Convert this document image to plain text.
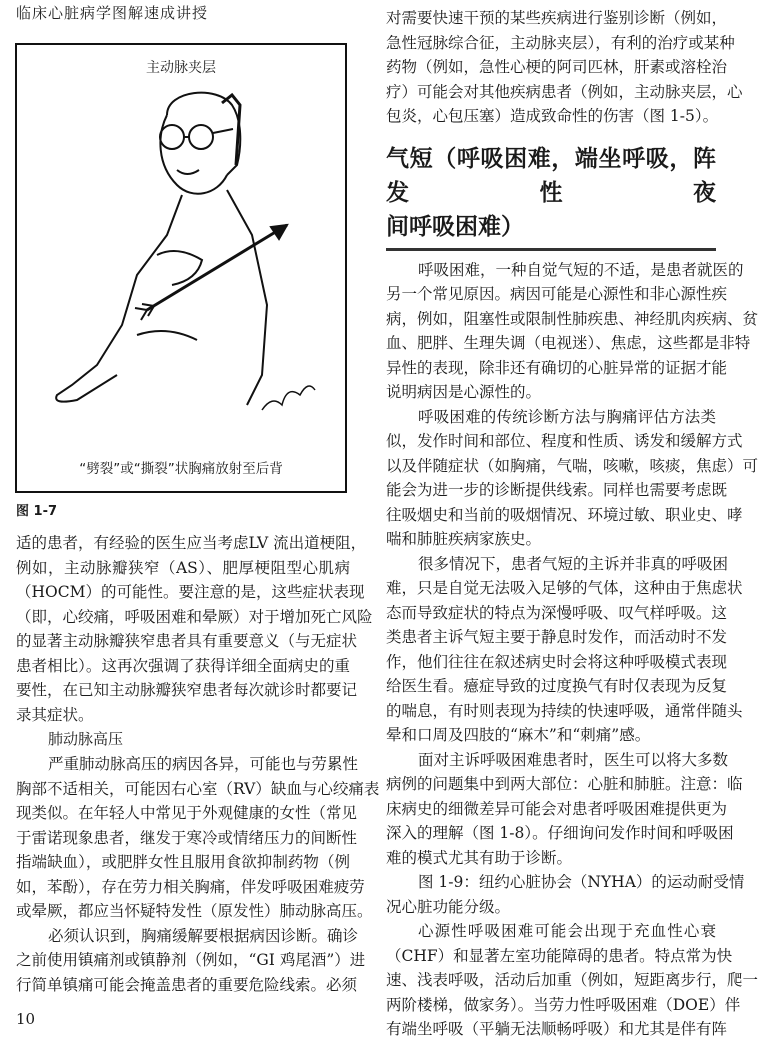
临床心脏病学图解速成讲授
主动脉夹层
“劈裂”或“撕裂”状胸痛放射至后背
图 1-7
适的患者，有经验的医生应当考虑LV 流出道梗阻，
例如，主动脉瓣狭窄（AS）、肥厚梗阻型心肌病
（HOCM）的可能性。要注意的是，这些症状表现
（即，心绞痛，呼吸困难和晕厥）对于增加死亡风险
的显著主动脉瓣狭窄患者具有重要意义（与无症状
患者相比）。这再次强调了获得详细全面病史的重
要性，在已知主动脉瓣狭窄患者每次就诊时都要记
录其症状。
肺动脉高压
严重肺动脉高压的病因各异，可能也与劳累性
胸部不适相关，可能因右心室（RV）缺血与心绞痛表
现类似。在年轻人中常见于外观健康的女性（常见
于雷诺现象患者，继发于寒冷或情绪压力的间断性
指端缺血），或肥胖女性且服用食欲抑制药物（例
如，苯酚），存在劳力相关胸痛，伴发呼吸困难疲劳
或晕厥，都应当怀疑特发性（原发性）肺动脉高压。
必须认识到，胸痛缓解要根据病因诊断。确诊
之前使用镇痛剂或镇静剂（例如，“GI 鸡尾酒”）进
行简单镇痛可能会掩盖患者的重要危险线索。必须
对需要快速干预的某些疾病进行鉴别诊断（例如，
急性冠脉综合征，主动脉夹层），有利的治疗或某种
药物（例如，急性心梗的阿司匹林，肝素或溶栓治
疗）可能会对其他疾病患者（例如，主动脉夹层，心
包炎，心包压塞）造成致命性的伤害（图 1-5）。
气短（呼吸困难，端坐呼吸，阵发性夜
间呼吸困难）
呼吸困难，一种自觉气短的不适，是患者就医的
另一个常见原因。病因可能是心源性和非心源性疾
病，例如，阻塞性或限制性肺疾患、神经肌肉疾病、贫
血、肥胖、生理失调（电视迷）、焦虑，这些都是非特
异性的表现，除非还有确切的心脏异常的证据才能
说明病因是心源性的。
呼吸困难的传统诊断方法与胸痛评估方法类
似，发作时间和部位、程度和性质、诱发和缓解方式
以及伴随症状（如胸痛，气喘，咳嗽，咳痰，焦虑）可
能会为进一步的诊断提供线索。同样也需要考虑既
往吸烟史和当前的吸烟情况、环境过敏、职业史、哮
喘和肺脏疾病家族史。
很多情况下，患者气短的主诉并非真的呼吸困
难，只是自觉无法吸入足够的气体，这种由于焦虑状
态而导致症状的特点为深慢呼吸、叹气样呼吸。这
类患者主诉气短主要于静息时发作，而活动时不发
作，他们往往在叙述病史时会将这种呼吸模式表现
给医生看。癔症导致的过度换气有时仅表现为反复
的喘息，有时则表现为持续的快速呼吸，通常伴随头
晕和口周及四肢的“麻木”和“刺痛”感。
面对主诉呼吸困难患者时，医生可以将大多数
病例的问题集中到两大部位：心脏和肺脏。注意：临
床病史的细微差异可能会对患者呼吸困难提供更为
深入的理解（图 1-8）。仔细询问发作时间和呼吸困
难的模式尤其有助于诊断。
图 1-9：纽约心脏协会（NYHA）的运动耐受情
况心脏功能分级。
心源性呼吸困难可能会出现于充血性心衰
（CHF）和显著左室功能障碍的患者。特点常为快
速、浅表呼吸，活动后加重（例如，短距离步行，爬一
两阶楼梯，做家务）。当劳力性呼吸困难（DOE）伴
有端坐呼吸（平躺无法顺畅呼吸）和尤其是伴有阵
10
